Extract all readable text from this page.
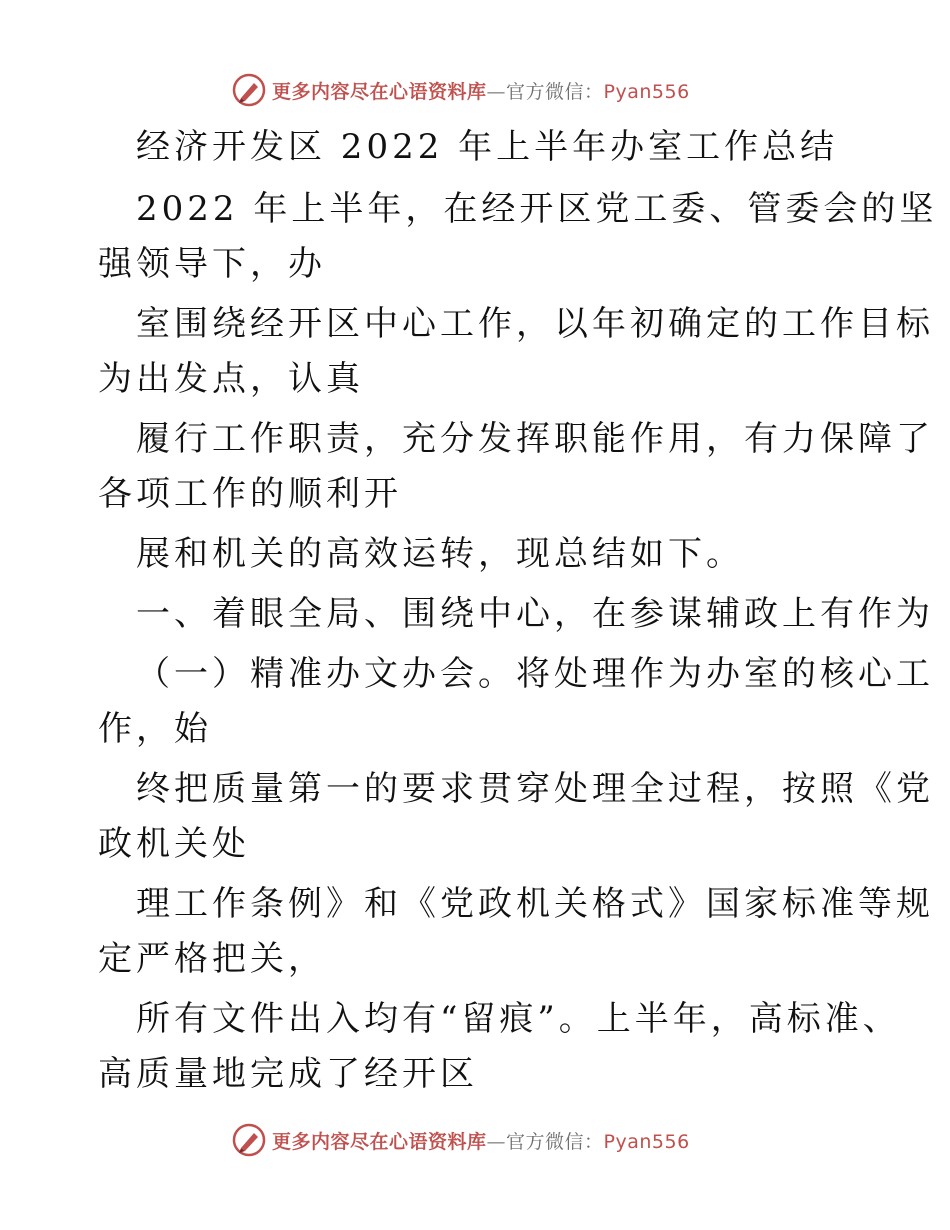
更多内容尽在心语资料库—官方微信：Pyan556
经济开发区 2022 年上半年办室工作总结
2022 年上半年，在经开区党工委、管委会的坚
强领导下，办
室围绕经开区中心工作，以年初确定的工作目标
为出发点，认真
履行工作职责，充分发挥职能作用，有力保障了
各项工作的顺利开
展和机关的高效运转，现总结如下。
一、着眼全局、围绕中心，在参谋辅政上有作为
（一）精准办文办会。将处理作为办室的核心工
作，始
终把质量第一的要求贯穿处理全过程，按照《党
政机关处
理工作条例》和《党政机关格式》国家标准等规
定严格把关，
所有文件出入均有“留痕”。上半年，高标准、
高质量地完成了经开区
更多内容尽在心语资料库—官方微信：Pyan556
